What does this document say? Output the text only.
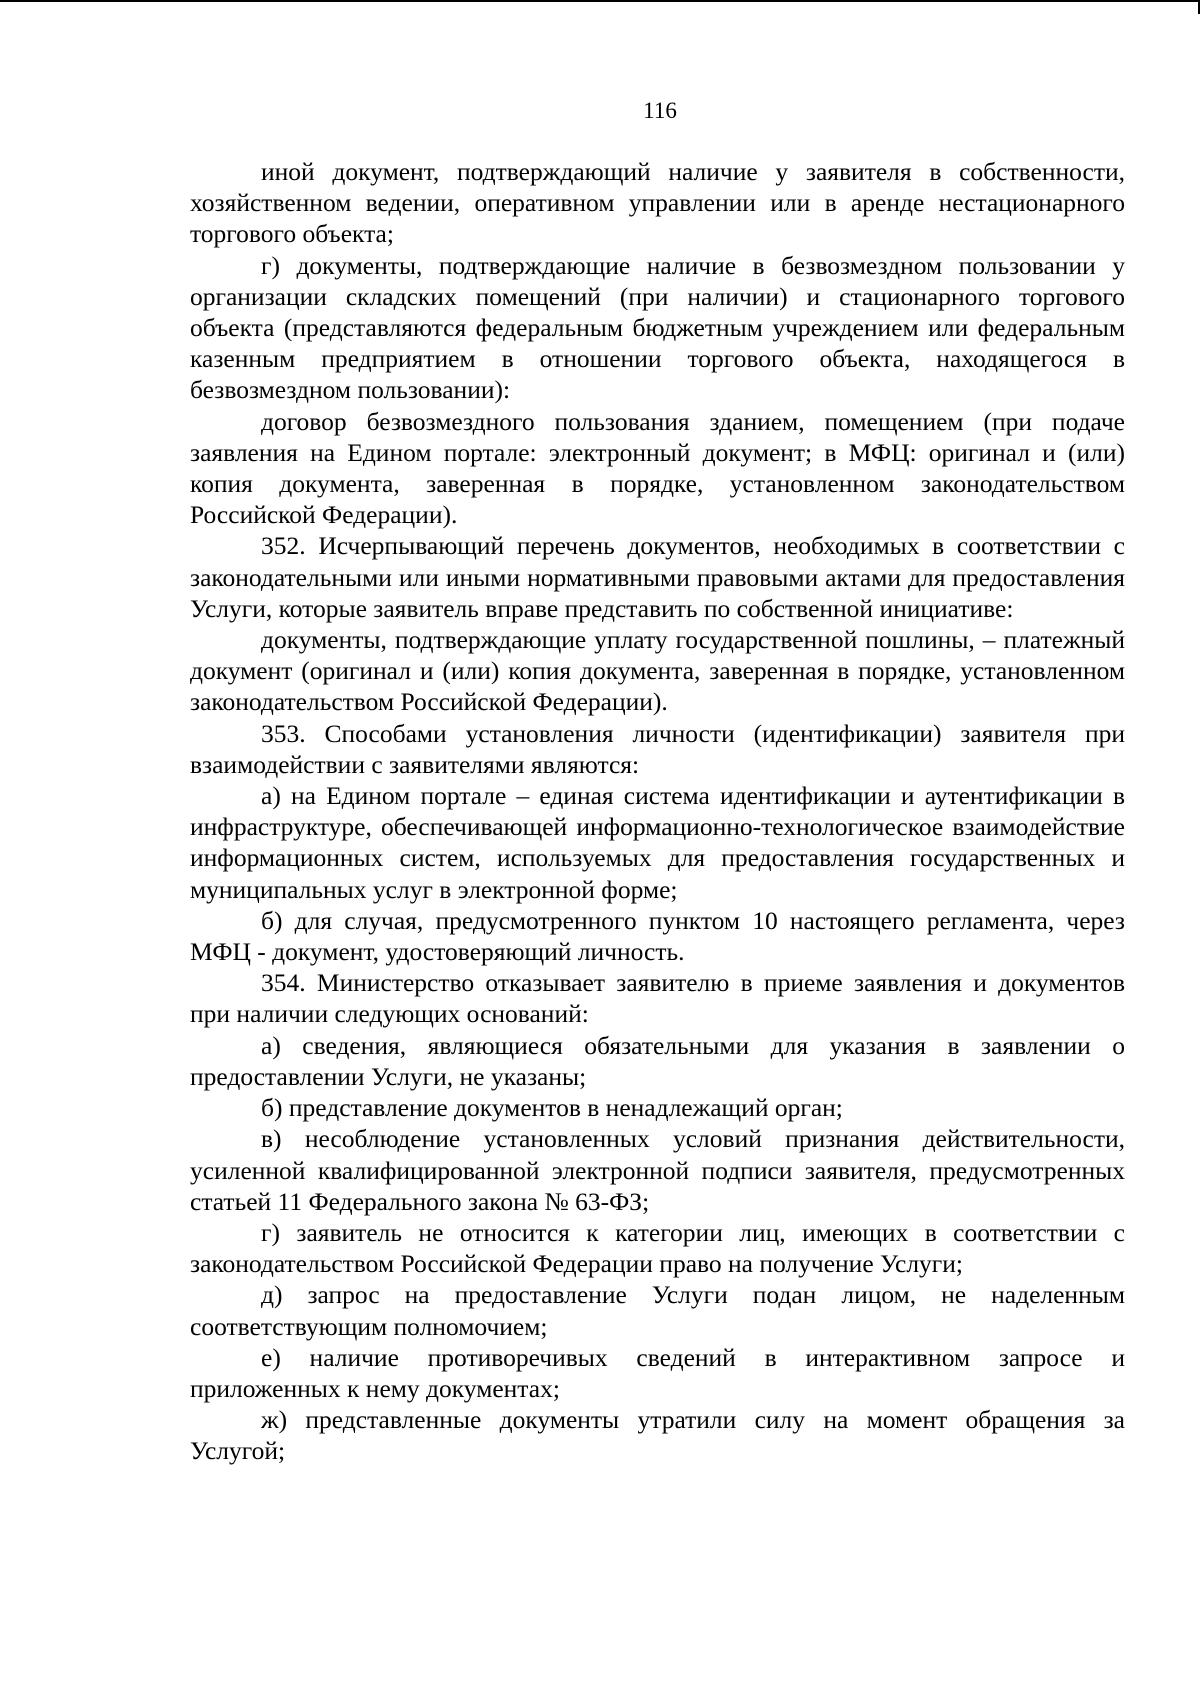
116

иной документ, подтверждающий наличие у заявителя в собственности, хозяйственном ведении, оперативном управлении или в аренде нестационарного торгового объекта;

г) документы, подтверждающие наличие в безвозмездном пользовании у организации складских помещений (при наличии) и стационарного торгового объекта (представляются федеральным бюджетным учреждением или федеральным казенным предприятием в отношении торгового объекта, находящегося в безвозмездном пользовании):

договор безвозмездного пользования зданием, помещением (при подаче заявления на Едином портале: электронный документ; в МФЦ: оригинал и (или) копия документа, заверенная в порядке, установленном законодательством Российской Федерации).

352. Исчерпывающий перечень документов, необходимых в соответствии с законодательными или иными нормативными правовыми актами для предоставления Услуги, которые заявитель вправе представить по собственной инициативе:

документы, подтверждающие уплату государственной пошлины, – платежный документ (оригинал и (или) копия документа, заверенная в порядке, установленном законодательством Российской Федерации).

353. Способами установления личности (идентификации) заявителя при взаимодействии с заявителями являются:

а) на Едином портале – единая система идентификации и аутентификации в инфраструктуре, обеспечивающей информационно-технологическое взаимодействие информационных систем, используемых для предоставления государственных и муниципальных услуг в электронной форме;

б) для случая, предусмотренного пунктом 10 настоящего регламента, через МФЦ - документ, удостоверяющий личность.

354. Министерство отказывает заявителю в приеме заявления и документов при наличии следующих оснований:

а) сведения, являющиеся обязательными для указания в заявлении о предоставлении Услуги, не указаны;

б) представление документов в ненадлежащий орган;

в) несоблюдение установленных условий признания действительности, усиленной квалифицированной электронной подписи заявителя, предусмотренных статьей 11 Федерального закона № 63-ФЗ;

г) заявитель не относится к категории лиц, имеющих в соответствии с законодательством Российской Федерации право на получение Услуги;

д) запрос на предоставление Услуги подан лицом, не наделенным соответствующим полномочием;

е) наличие противоречивых сведений в интерактивном запросе и приложенных к нему документах;

ж) представленные документы утратили силу на момент обращения за Услугой;
